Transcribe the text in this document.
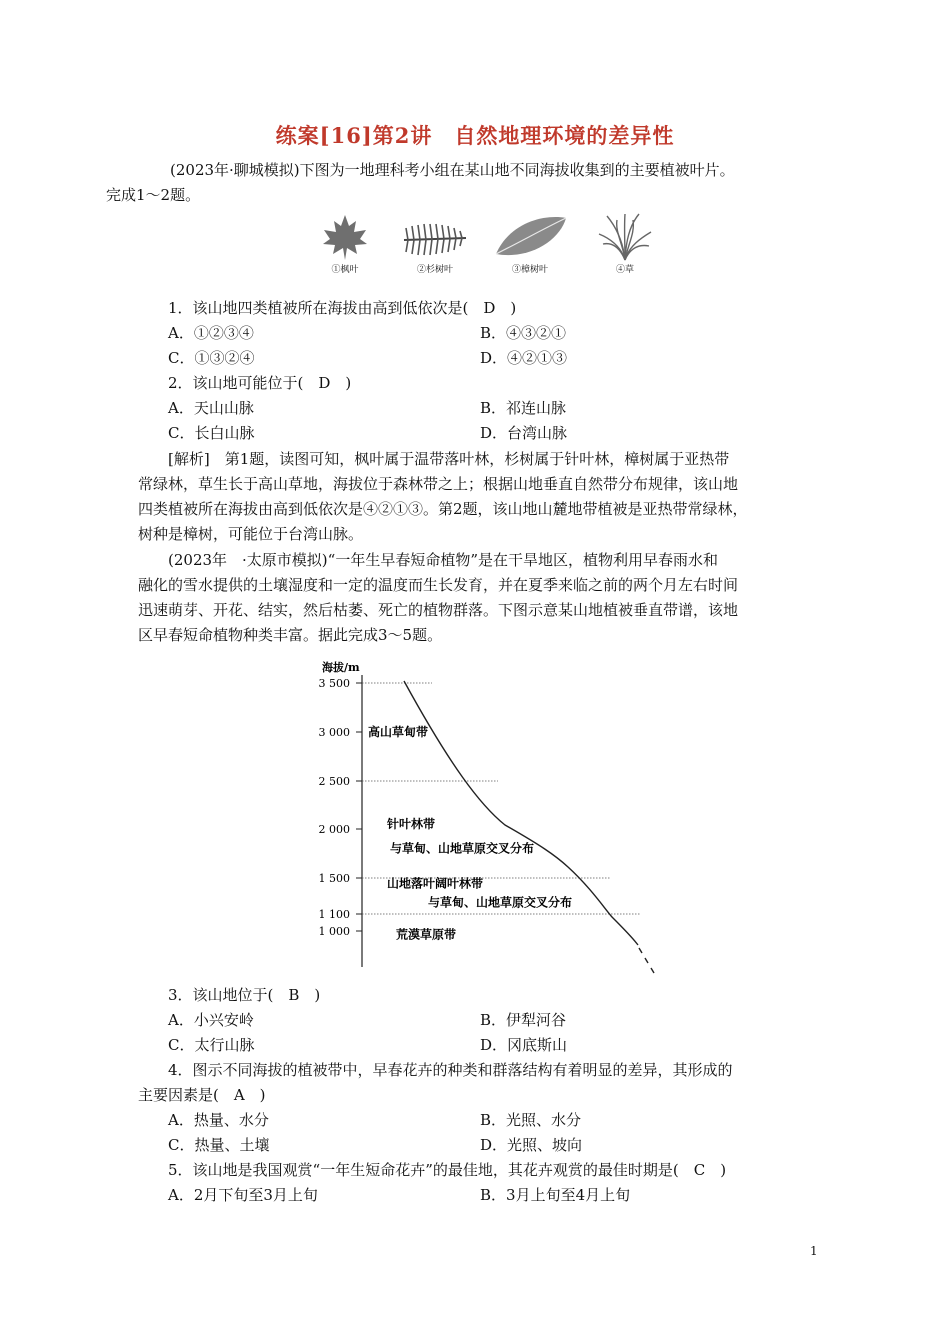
练案[16]第2讲　自然地理环境的差异性
(2023年·聊城模拟)下图为一地理科考小组在某山地不同海拔收集到的主要植被叶片。
完成1～2题。
①枫叶	②杉树叶	③樟树叶	④草
1．该山地四类植被所在海拔由高到低依次是(　D　)
A．①②③④	B．④③②①
C．①③②④	D．④②①③
2．该山地可能位于(　D　)
A．天山山脉	B．祁连山脉
C．长白山脉	D．台湾山脉
[解析]　第1题，读图可知，枫叶属于温带落叶林，杉树属于针叶林，樟树属于亚热带
常绿林，草生长于高山草地，海拔位于森林带之上；根据山地垂直自然带分布规律，该山地
四类植被所在海拔由高到低依次是④②①③。第2题，该山地山麓地带植被是亚热带常绿林，
树种是樟树，可能位于台湾山脉。
(2023年　·太原市模拟)“一年生早春短命植物”是在干旱地区，植物利用早春雨水和
融化的雪水提供的土壤湿度和一定的温度而生长发育，并在夏季来临之前的两个月左右时间
迅速萌芽、开花、结实，然后枯萎、死亡的植物群落。下图示意某山地植被垂直带谱，该地
区早春短命植物种类丰富。据此完成3～5题。
海拔/m
3 500
3 000
2 500
2 000
1 500
1 100
1 000
高山草甸带
针叶林带
与草甸、山地草原交叉分布
山地落叶阔叶林带
与草甸、山地草原交叉分布
荒漠草原带
3．该山地位于(　B　)
A．小兴安岭	B．伊犁河谷
C．太行山脉	D．冈底斯山
4．图示不同海拔的植被带中，早春花卉的种类和群落结构有着明显的差异，其形成的
主要因素是(　A　)
A．热量、水分	B．光照、水分
C．热量、土壤	D．光照、坡向
5．该山地是我国观赏“一年生短命花卉”的最佳地，其花卉观赏的最佳时期是(　C　)
A．2月下旬至3月上旬	B．3月上旬至4月上旬
1
